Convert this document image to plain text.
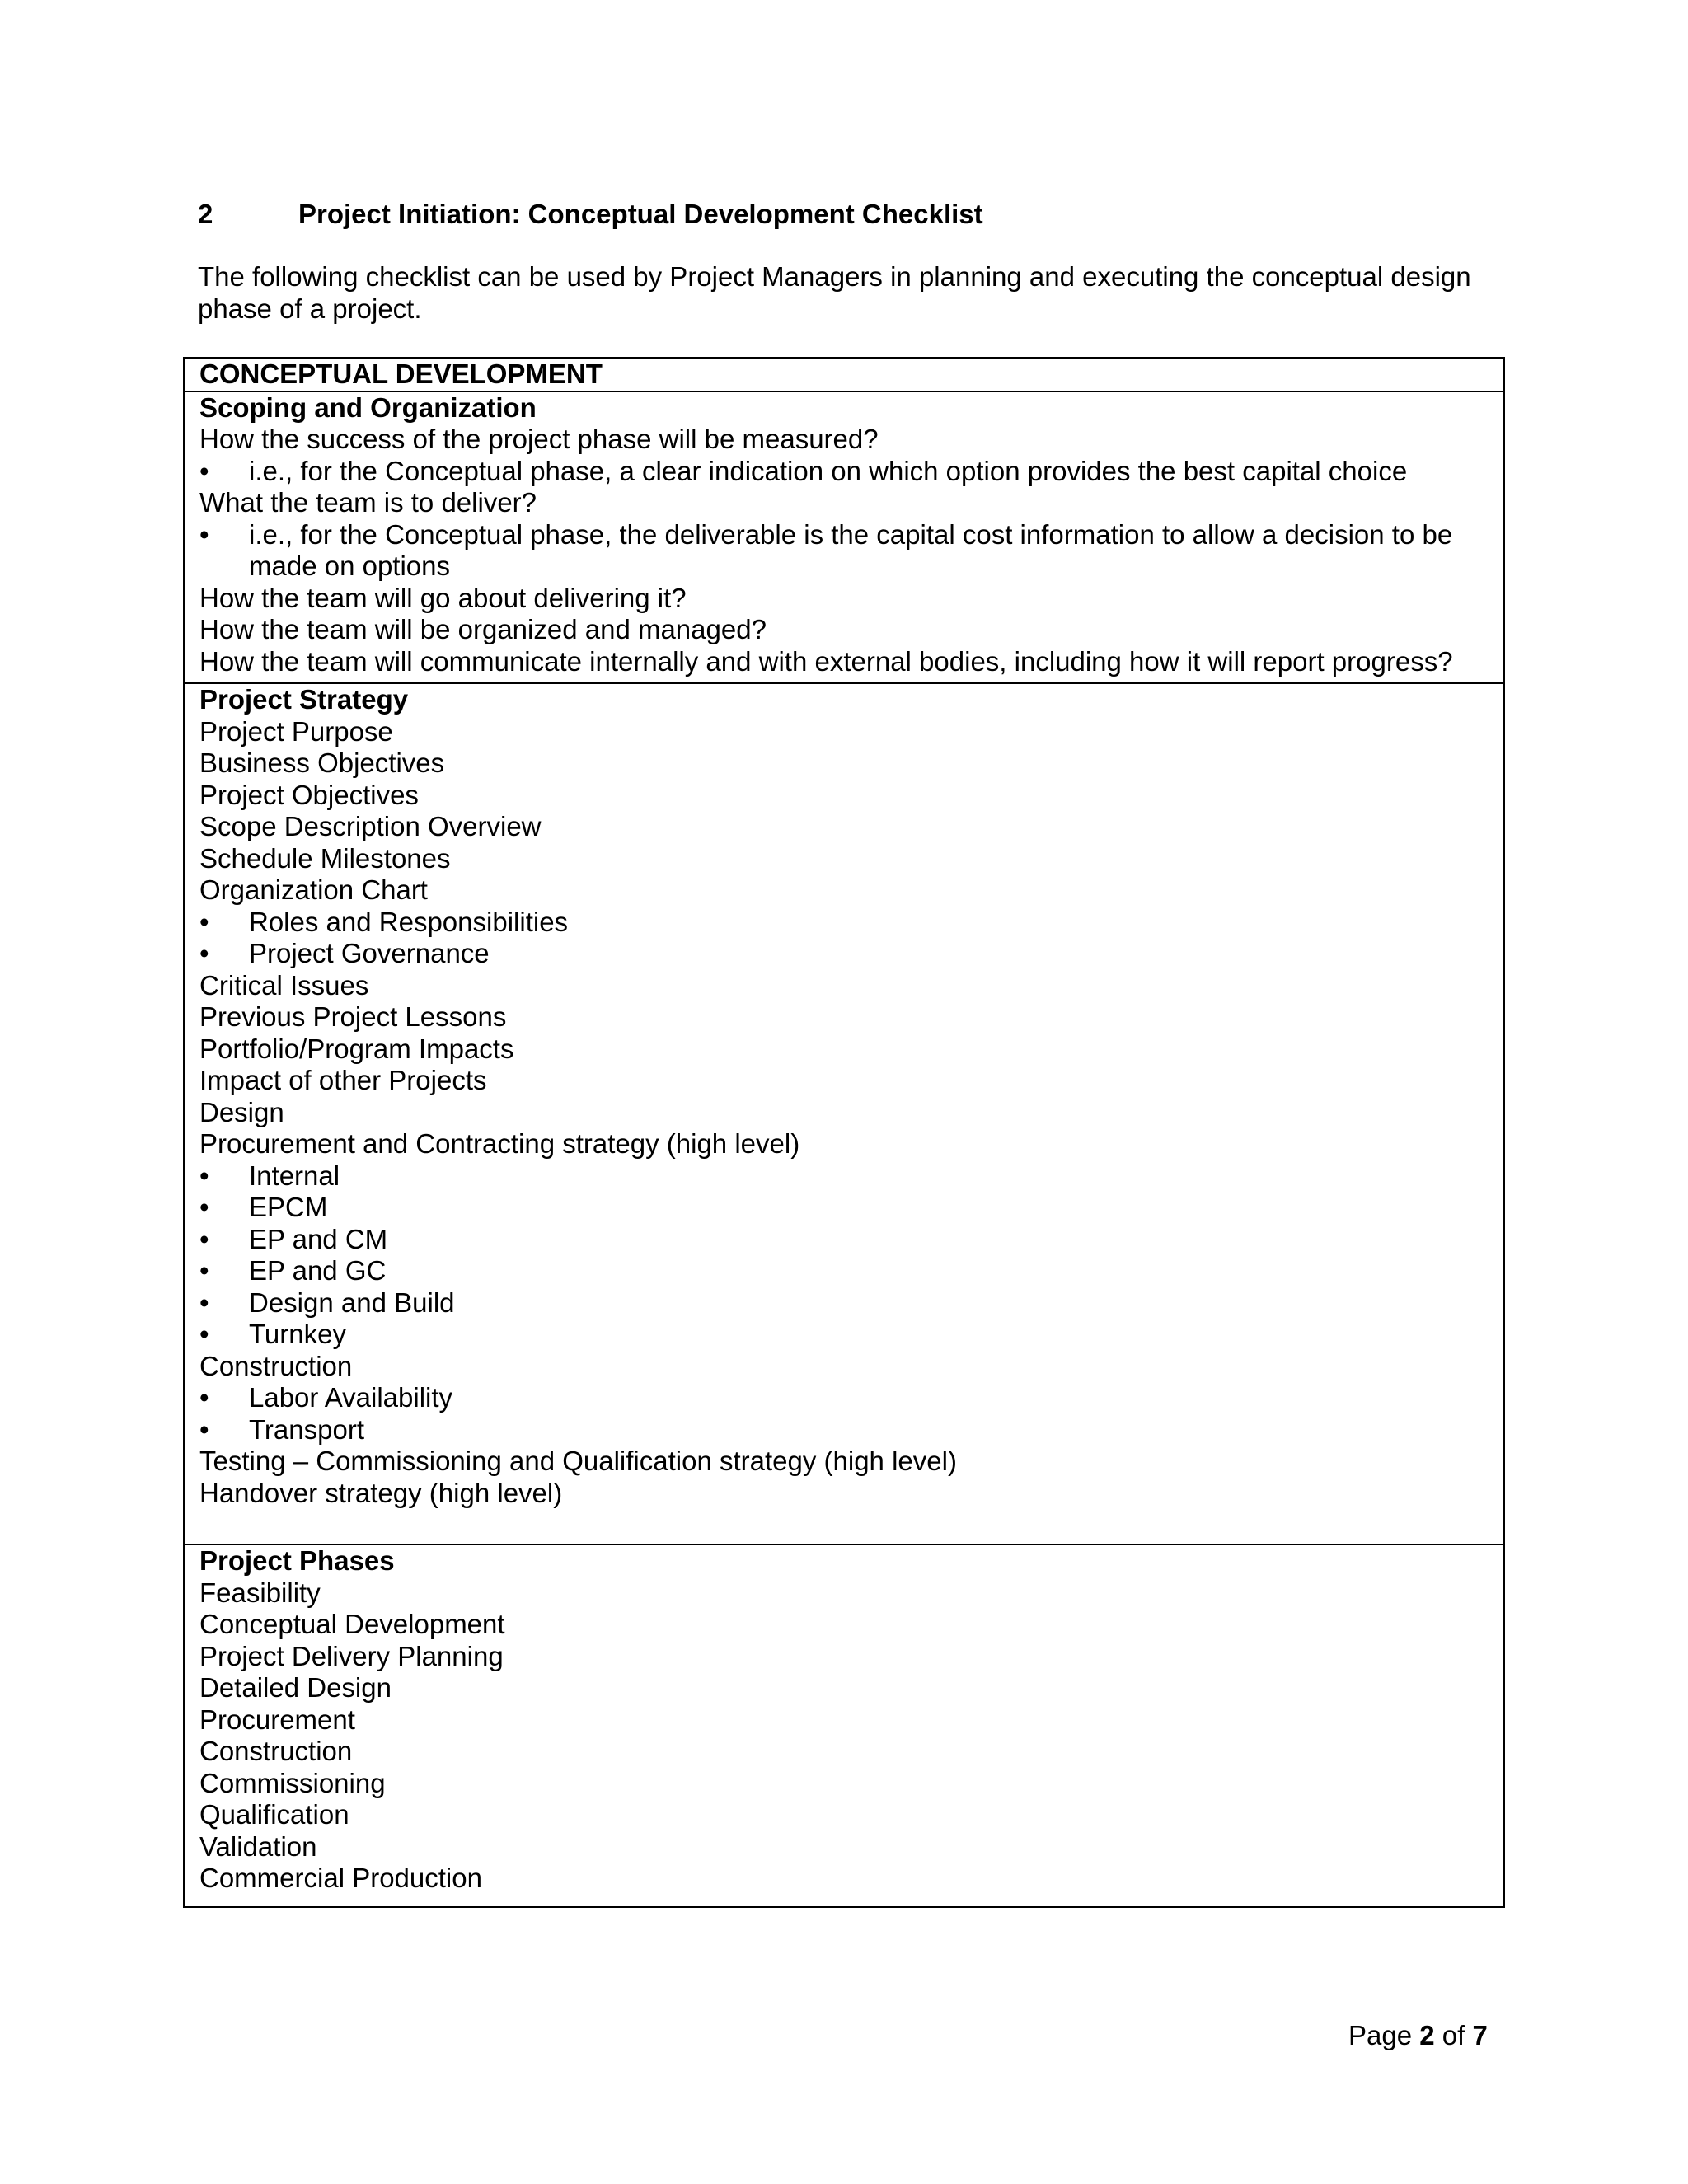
2	Project Initiation: Conceptual Development Checklist
The following checklist can be used by Project Managers in planning and executing the conceptual design phase of a project.
CONCEPTUAL DEVELOPMENT
Scoping and Organization
How the success of the project phase will be measured?
• i.e., for the Conceptual phase, a clear indication on which option provides the best capital choice
What the team is to deliver?
• i.e., for the Conceptual phase, the deliverable is the capital cost information to allow a decision to be made on options
How the team will go about delivering it?
How the team will be organized and managed?
How the team will communicate internally and with external bodies, including how it will report progress?
Project Strategy
Project Purpose
Business Objectives
Project Objectives
Scope Description Overview
Schedule Milestones
Organization Chart
• Roles and Responsibilities
• Project Governance
Critical Issues
Previous Project Lessons
Portfolio/Program Impacts
Impact of other Projects
Design
Procurement and Contracting strategy (high level)
• Internal
• EPCM
• EP and CM
• EP and GC
• Design and Build
• Turnkey
Construction
• Labor Availability
• Transport
Testing – Commissioning and Qualification strategy (high level)
Handover strategy (high level)
Project Phases
Feasibility
Conceptual Development
Project Delivery Planning
Detailed Design
Procurement
Construction
Commissioning
Qualification
Validation
Commercial Production
Page 2 of 7
